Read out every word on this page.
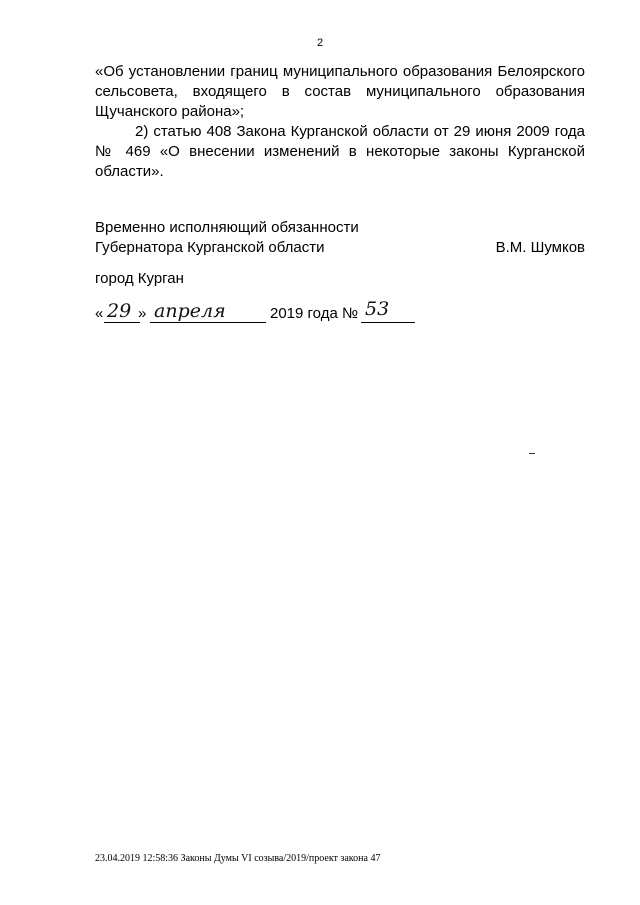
2

«Об установлении границ муниципального образования Белоярского сельсовета, входящего в состав муниципального образования Щучанского района»;

2) статью 408 Закона Курганской области от 29 июня 2009 года № 469 «О внесении изменений в некоторые законы Курганской области».

Временно исполняющий обязанности
Губернатора Курганской области	В.М. Шумков
город Курган
« 29 » апреля	2019 года № 53
23.04.2019 12:58:36 Законы Думы VI созыва/2019/проект закона 47
